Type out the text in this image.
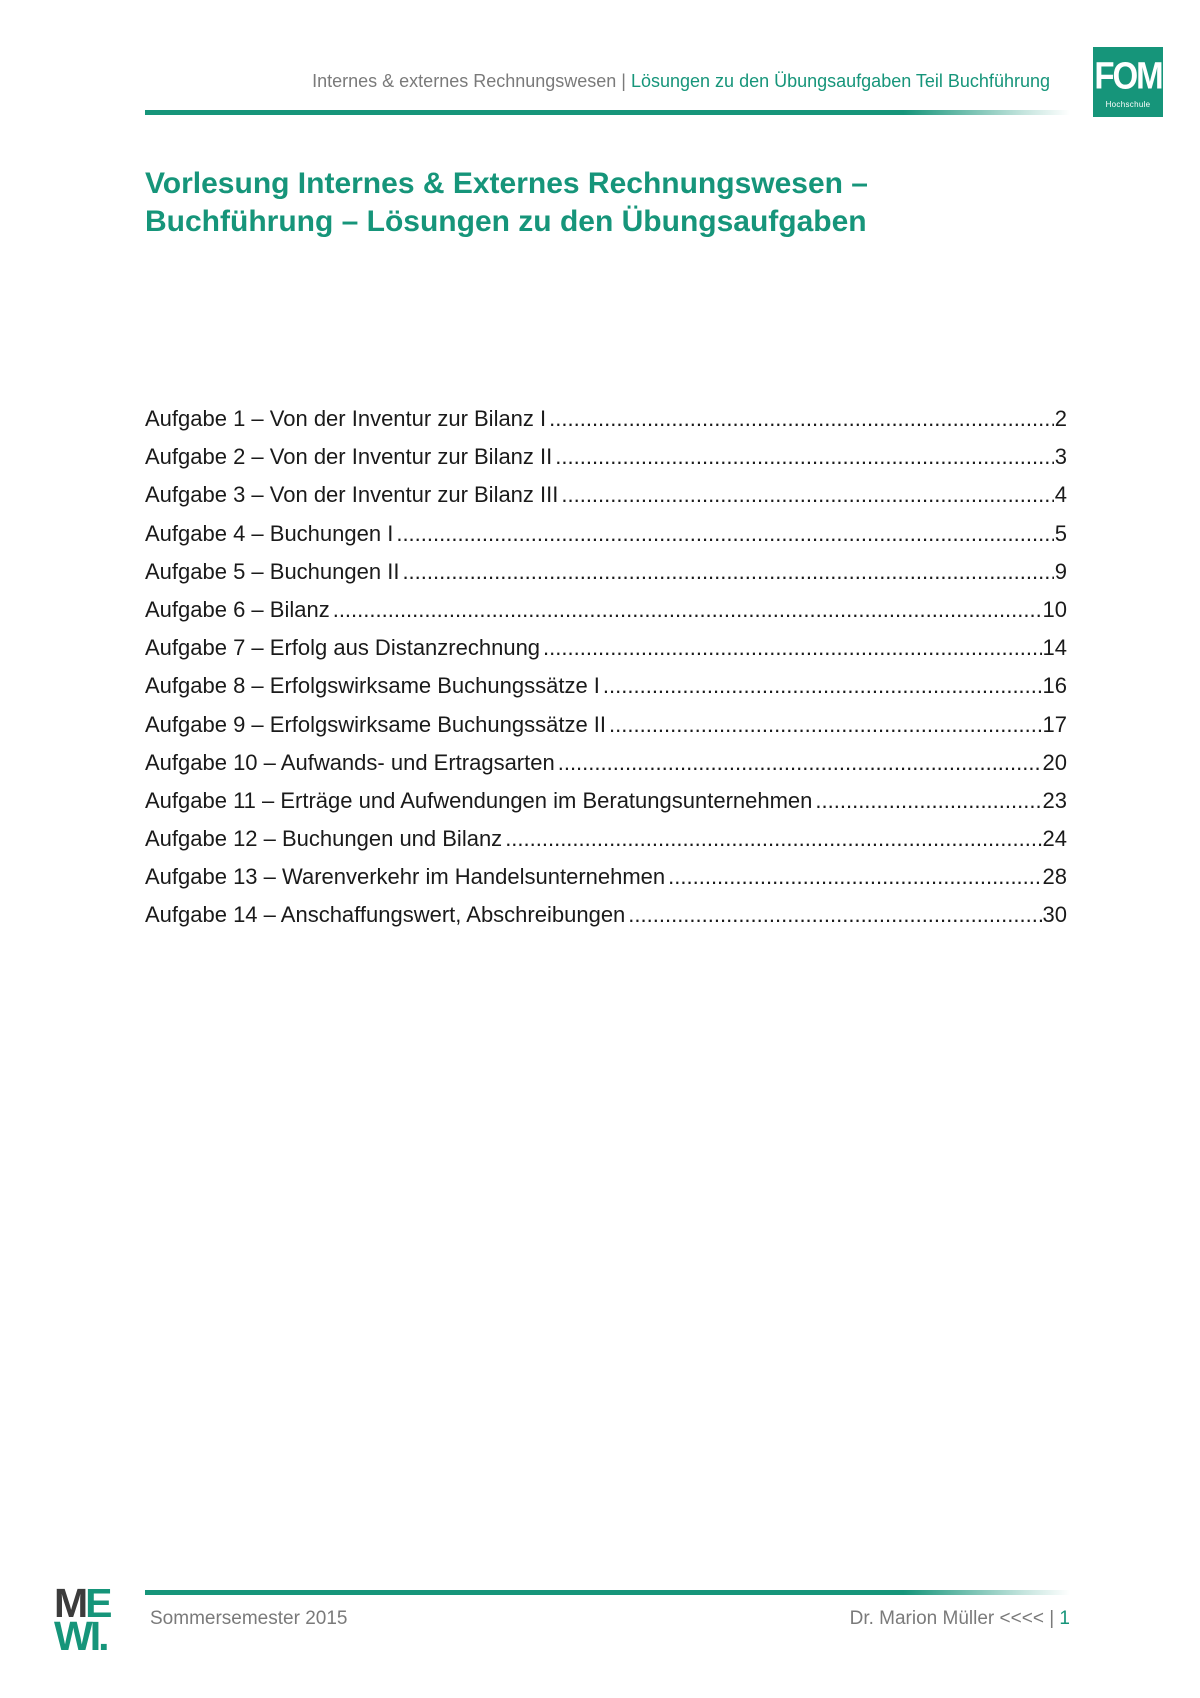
Internes & externes Rechnungswesen | Lösungen zu den Übungsaufgaben Teil Buchführung FOM
Hochschule
Vorlesung Internes & Externes Rechnungswesen –
Buchführung – Lösungen zu den Übungsaufgaben
Aufgabe 1 – Von der Inventur zur Bilanz I .....	2
Aufgabe 2 – Von der Inventur zur Bilanz II .....	3
Aufgabe 3 – Von der Inventur zur Bilanz III .....	4
Aufgabe 4 – Buchungen I .....	5
Aufgabe 5 – Buchungen II .....	9
Aufgabe 6 – Bilanz .....	10
Aufgabe 7 – Erfolg aus Distanzrechnung .....	14
Aufgabe 8 – Erfolgswirksame Buchungssätze I .....	16
Aufgabe 9 – Erfolgswirksame Buchungssätze II .....	17
Aufgabe 10 – Aufwands- und Ertragsarten .....	20
Aufgabe 11 – Erträge und Aufwendungen im Beratungsunternehmen .....	23
Aufgabe 12 – Buchungen und Bilanz .....	24
Aufgabe 13 – Warenverkehr im Handelsunternehmen .....	28
Aufgabe 14 – Anschaffungswert, Abschreibungen .....	30
ME
WI.	Sommersemester 2015	Dr. Marion Müller <<<< | 1
